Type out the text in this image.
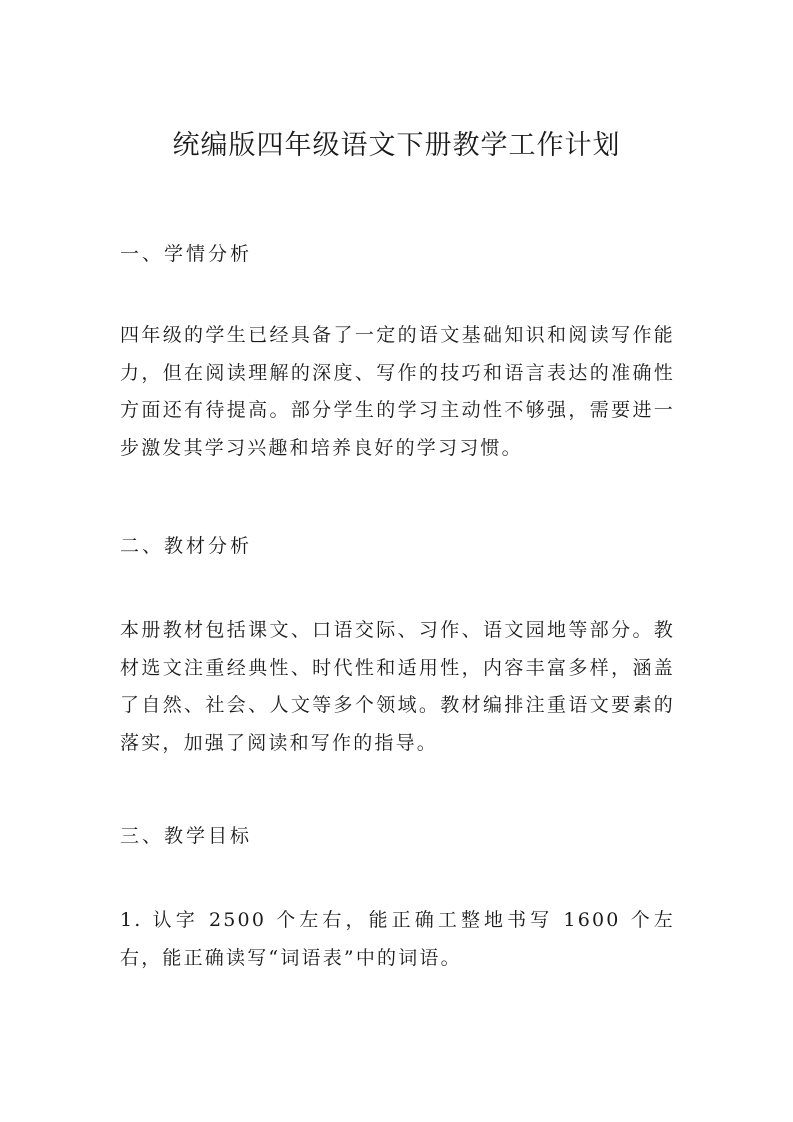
统编版四年级语文下册教学工作计划
一、学情分析

四年级的学生已经具备了一定的语文基础知识和阅读写作能力，但在阅读理解的深度、写作的技巧和语言表达的准确性方面还有待提高。部分学生的学习主动性不够强，需要进一步激发其学习兴趣和培养良好的学习习惯。

二、教材分析

本册教材包括课文、口语交际、习作、语文园地等部分。教材选文注重经典性、时代性和适用性，内容丰富多样，涵盖了自然、社会、人文等多个领域。教材编排注重语文要素的落实，加强了阅读和写作的指导。

三、教学目标

1. 认字 2500 个左右，能正确工整地书写 1600 个左右，能正确读写“词语表”中的词语。
